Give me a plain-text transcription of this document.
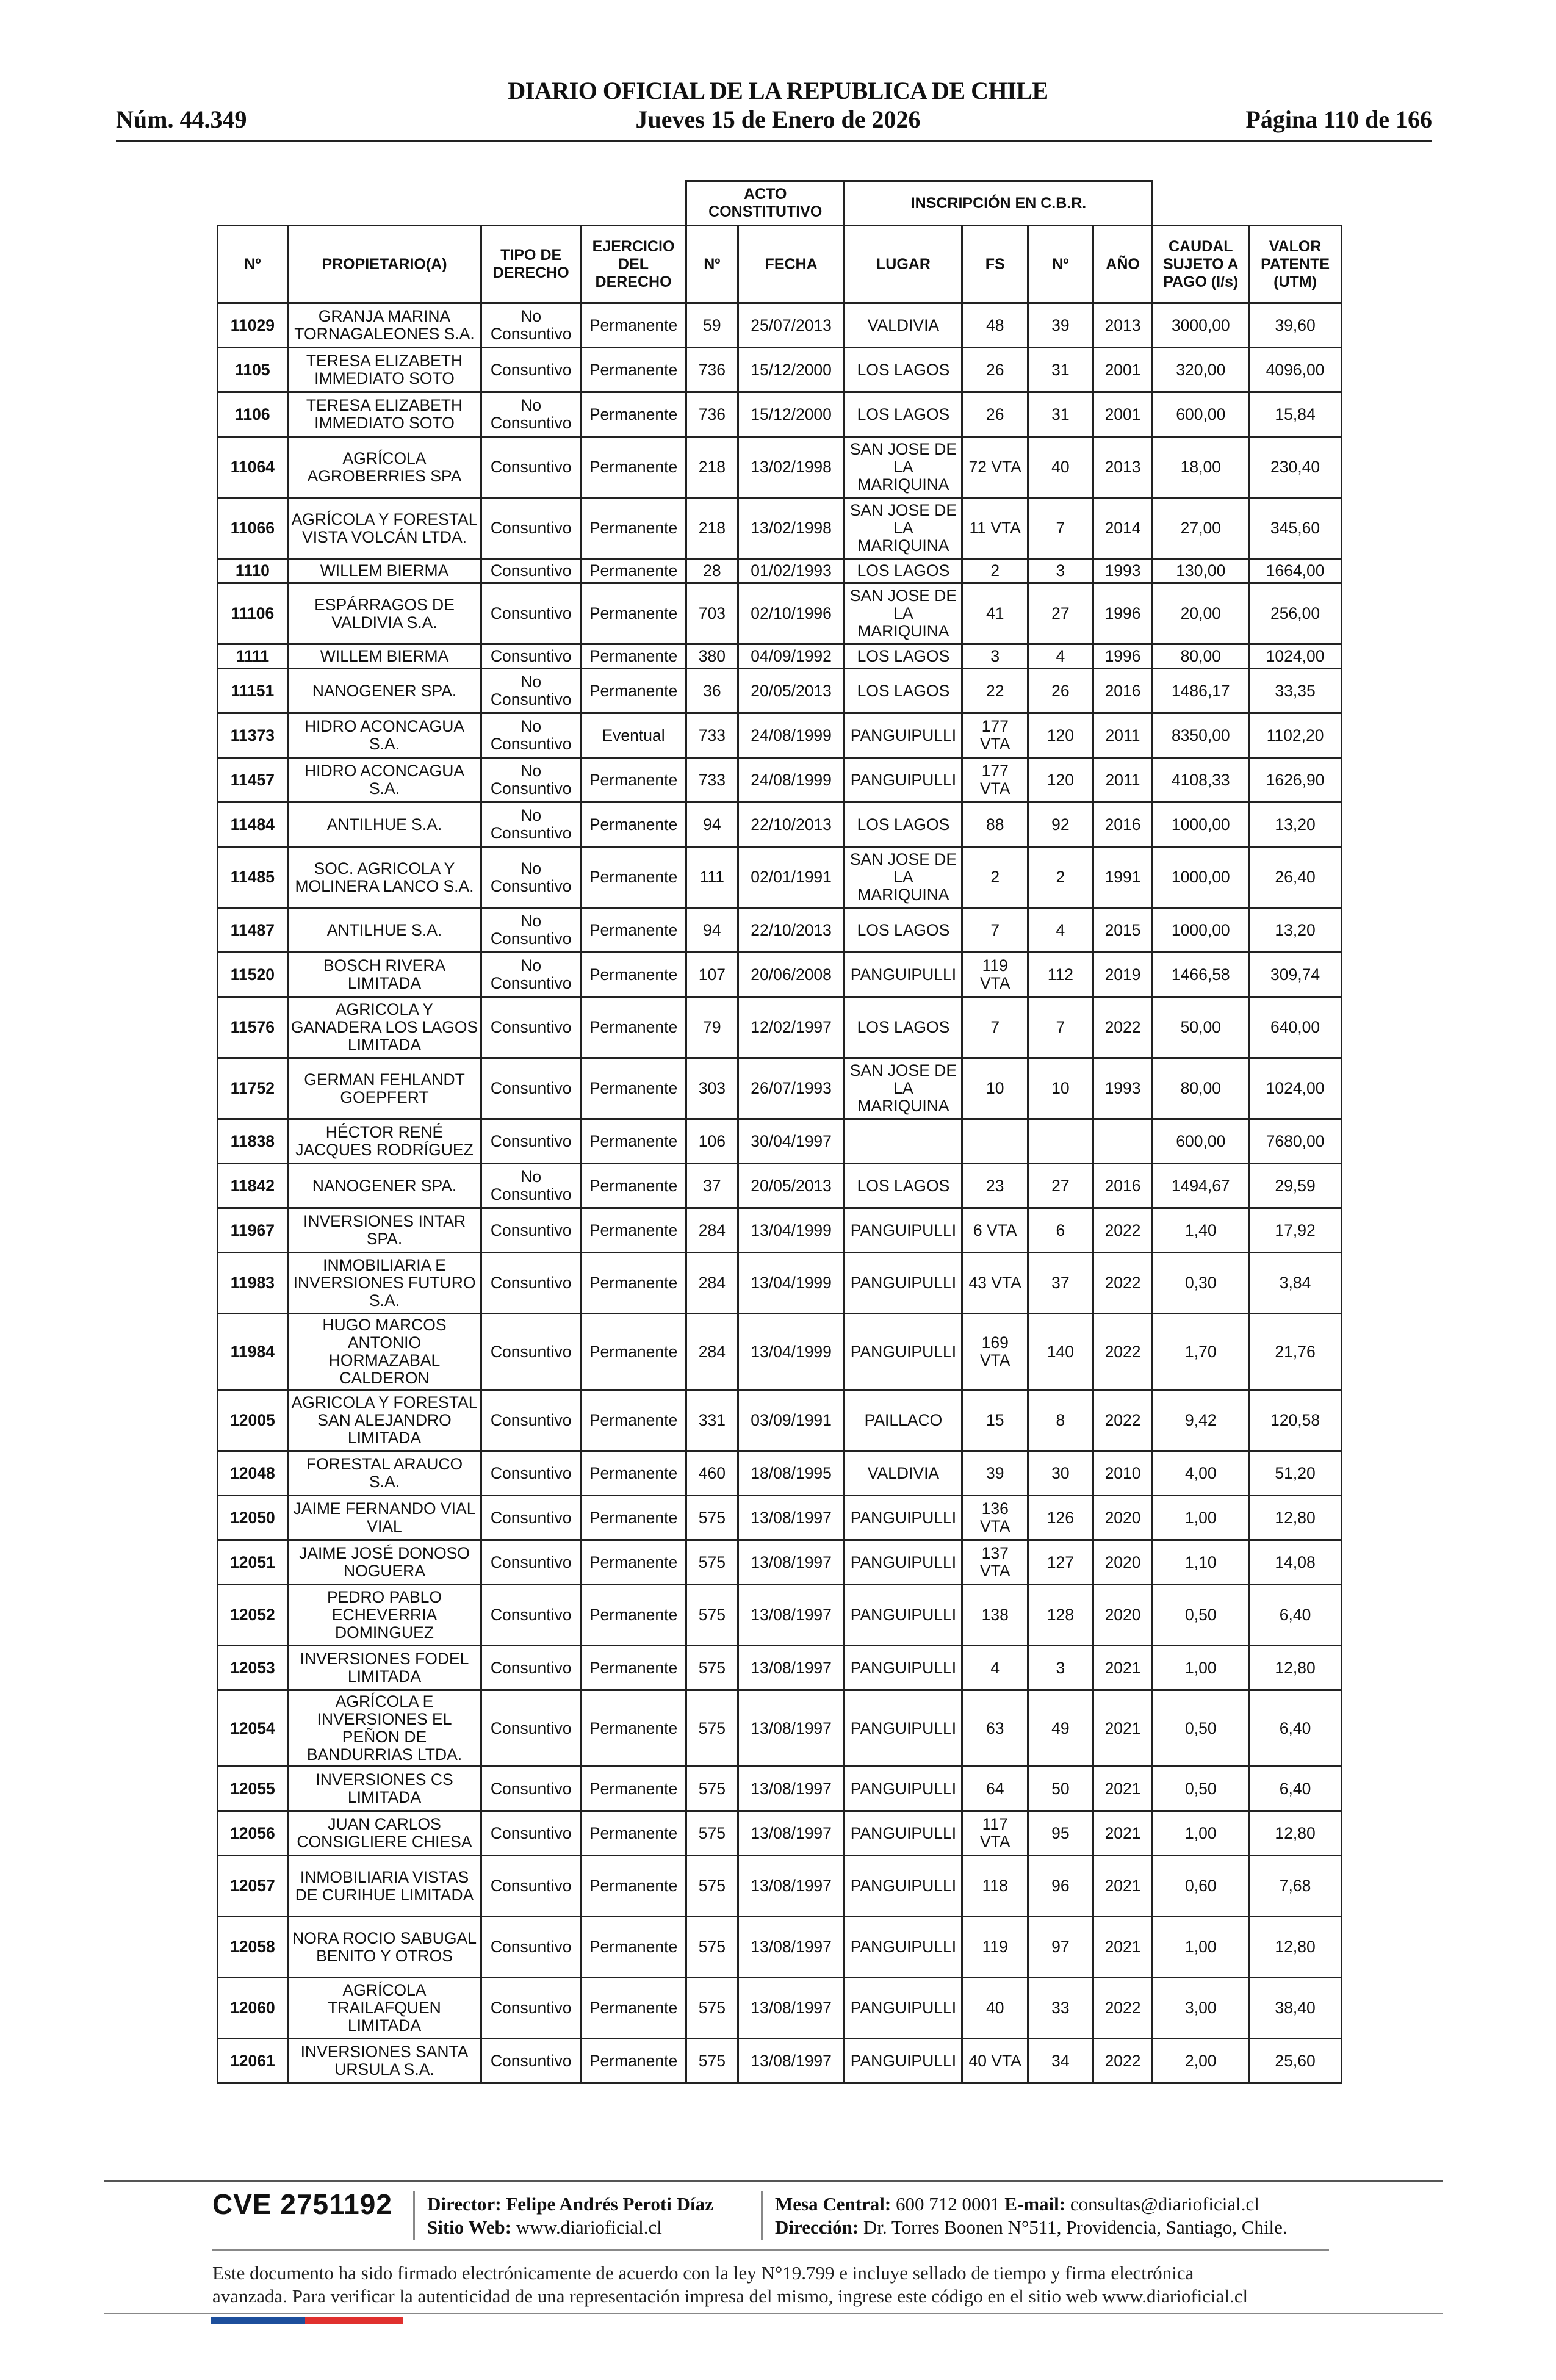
DIARIO OFICIAL DE LA REPUBLICA DE CHILE
Núm. 44.349	Jueves 15 de Enero de 2026	Página 110 de 166
				ACTO CONSTITUTIVO		INSCRIPCIÓN EN C.B.R.					
Nº	PROPIETARIO(A)	TIPO DE DERECHO	EJERCICIO DEL DERECHO	Nº	FECHA	LUGAR	FS	Nº	AÑO	CAUDAL SUJETO A PAGO (l/s)	VALOR PATENTE (UTM)
11029	GRANJA MARINA TORNAGALEONES S.A.	No Consuntivo	Permanente	59	25/07/2013	VALDIVIA	48	39	2013	3000,00	39,60
1105	TERESA ELIZABETH IMMEDIATO SOTO	Consuntivo	Permanente	736	15/12/2000	LOS LAGOS	26	31	2001	320,00	4096,00
1106	TERESA ELIZABETH IMMEDIATO SOTO	No Consuntivo	Permanente	736	15/12/2000	LOS LAGOS	26	31	2001	600,00	15,84
11064	AGRÍCOLA AGROBERRIES SPA	Consuntivo	Permanente	218	13/02/1998	SAN JOSE DE LA MARIQUINA	72 VTA	40	2013	18,00	230,40
11066	AGRÍCOLA Y FORESTAL VISTA VOLCÁN LTDA.	Consuntivo	Permanente	218	13/02/1998	SAN JOSE DE LA MARIQUINA	11 VTA	7	2014	27,00	345,60
1110	WILLEM BIERMA	Consuntivo	Permanente	28	01/02/1993	LOS LAGOS	2	3	1993	130,00	1664,00
11106	ESPÁRRAGOS DE VALDIVIA S.A.	Consuntivo	Permanente	703	02/10/1996	SAN JOSE DE LA MARIQUINA	41	27	1996	20,00	256,00
1111	WILLEM BIERMA	Consuntivo	Permanente	380	04/09/1992	LOS LAGOS	3	4	1996	80,00	1024,00
11151	NANOGENER SPA.	No Consuntivo	Permanente	36	20/05/2013	LOS LAGOS	22	26	2016	1486,17	33,35
11373	HIDRO ACONCAGUA S.A.	No Consuntivo	Eventual	733	24/08/1999	PANGUIPULLI	177 VTA	120	2011	8350,00	1102,20
11457	HIDRO ACONCAGUA S.A.	No Consuntivo	Permanente	733	24/08/1999	PANGUIPULLI	177 VTA	120	2011	4108,33	1626,90
11484	ANTILHUE S.A.	No Consuntivo	Permanente	94	22/10/2013	LOS LAGOS	88	92	2016	1000,00	13,20
11485	SOC. AGRICOLA Y MOLINERA LANCO S.A.	No Consuntivo	Permanente	111	02/01/1991	SAN JOSE DE LA MARIQUINA	2	2	1991	1000,00	26,40
11487	ANTILHUE S.A.	No Consuntivo	Permanente	94	22/10/2013	LOS LAGOS	7	4	2015	1000,00	13,20
11520	BOSCH RIVERA LIMITADA	No Consuntivo	Permanente	107	20/06/2008	PANGUIPULLI	119 VTA	112	2019	1466,58	309,74
11576	AGRICOLA Y GANADERA LOS LAGOS LIMITADA	Consuntivo	Permanente	79	12/02/1997	LOS LAGOS	7	7	2022	50,00	640,00
11752	GERMAN FEHLANDT GOEPFERT	Consuntivo	Permanente	303	26/07/1993	SAN JOSE DE LA MARIQUINA	10	10	1993	80,00	1024,00
11838	HÉCTOR RENÉ JACQUES RODRÍGUEZ	Consuntivo	Permanente	106	30/04/1997					600,00	7680,00
11842	NANOGENER SPA.	No Consuntivo	Permanente	37	20/05/2013	LOS LAGOS	23	27	2016	1494,67	29,59
11967	INVERSIONES INTAR SPA.	Consuntivo	Permanente	284	13/04/1999	PANGUIPULLI	6 VTA	6	2022	1,40	17,92
11983	INMOBILIARIA E INVERSIONES FUTURO S.A.	Consuntivo	Permanente	284	13/04/1999	PANGUIPULLI	43 VTA	37	2022	0,30	3,84
11984	HUGO MARCOS ANTONIO HORMAZABAL CALDERON	Consuntivo	Permanente	284	13/04/1999	PANGUIPULLI	169 VTA	140	2022	1,70	21,76
12005	AGRICOLA Y FORESTAL SAN ALEJANDRO LIMITADA	Consuntivo	Permanente	331	03/09/1991	PAILLACO	15	8	2022	9,42	120,58
12048	FORESTAL ARAUCO S.A.	Consuntivo	Permanente	460	18/08/1995	VALDIVIA	39	30	2010	4,00	51,20
12050	JAIME FERNANDO VIAL VIAL	Consuntivo	Permanente	575	13/08/1997	PANGUIPULLI	136 VTA	126	2020	1,00	12,80
12051	JAIME JOSÉ DONOSO NOGUERA	Consuntivo	Permanente	575	13/08/1997	PANGUIPULLI	137 VTA	127	2020	1,10	14,08
12052	PEDRO PABLO ECHEVERRIA DOMINGUEZ	Consuntivo	Permanente	575	13/08/1997	PANGUIPULLI	138	128	2020	0,50	6,40
12053	INVERSIONES FODEL LIMITADA	Consuntivo	Permanente	575	13/08/1997	PANGUIPULLI	4	3	2021	1,00	12,80
12054	AGRÍCOLA E INVERSIONES EL PEÑON DE BANDURRIAS LTDA.	Consuntivo	Permanente	575	13/08/1997	PANGUIPULLI	63	49	2021	0,50	6,40
12055	INVERSIONES CS LIMITADA	Consuntivo	Permanente	575	13/08/1997	PANGUIPULLI	64	50	2021	0,50	6,40
12056	JUAN CARLOS CONSIGLIERE CHIESA	Consuntivo	Permanente	575	13/08/1997	PANGUIPULLI	117 VTA	95	2021	1,00	12,80
12057	INMOBILIARIA VISTAS DE CURIHUE LIMITADA	Consuntivo	Permanente	575	13/08/1997	PANGUIPULLI	118	96	2021	0,60	7,68
12058	NORA ROCIO SABUGAL BENITO Y OTROS	Consuntivo	Permanente	575	13/08/1997	PANGUIPULLI	119	97	2021	1,00	12,80
12060	AGRÍCOLA TRAILAFQUEN LIMITADA	Consuntivo	Permanente	575	13/08/1997	PANGUIPULLI	40	33	2022	3,00	38,40
12061	INVERSIONES SANTA URSULA S.A.	Consuntivo	Permanente	575	13/08/1997	PANGUIPULLI	40 VTA	34	2022	2,00	25,60
CVE 2751192 Director: Felipe Andrés Peroti Díaz
Sitio Web: www.diarioficial.cl
Mesa Central: 600 712 0001 E-mail: consultas@diarioficial.cl
Dirección: Dr. Torres Boonen N°511, Providencia, Santiago, Chile.
Este documento ha sido firmado electrónicamente de acuerdo con la ley N°19.799 e incluye sellado de tiempo y firma electrónica
avanzada. Para verificar la autenticidad de una representación impresa del mismo, ingrese este código en el sitio web www.diarioficial.cl
